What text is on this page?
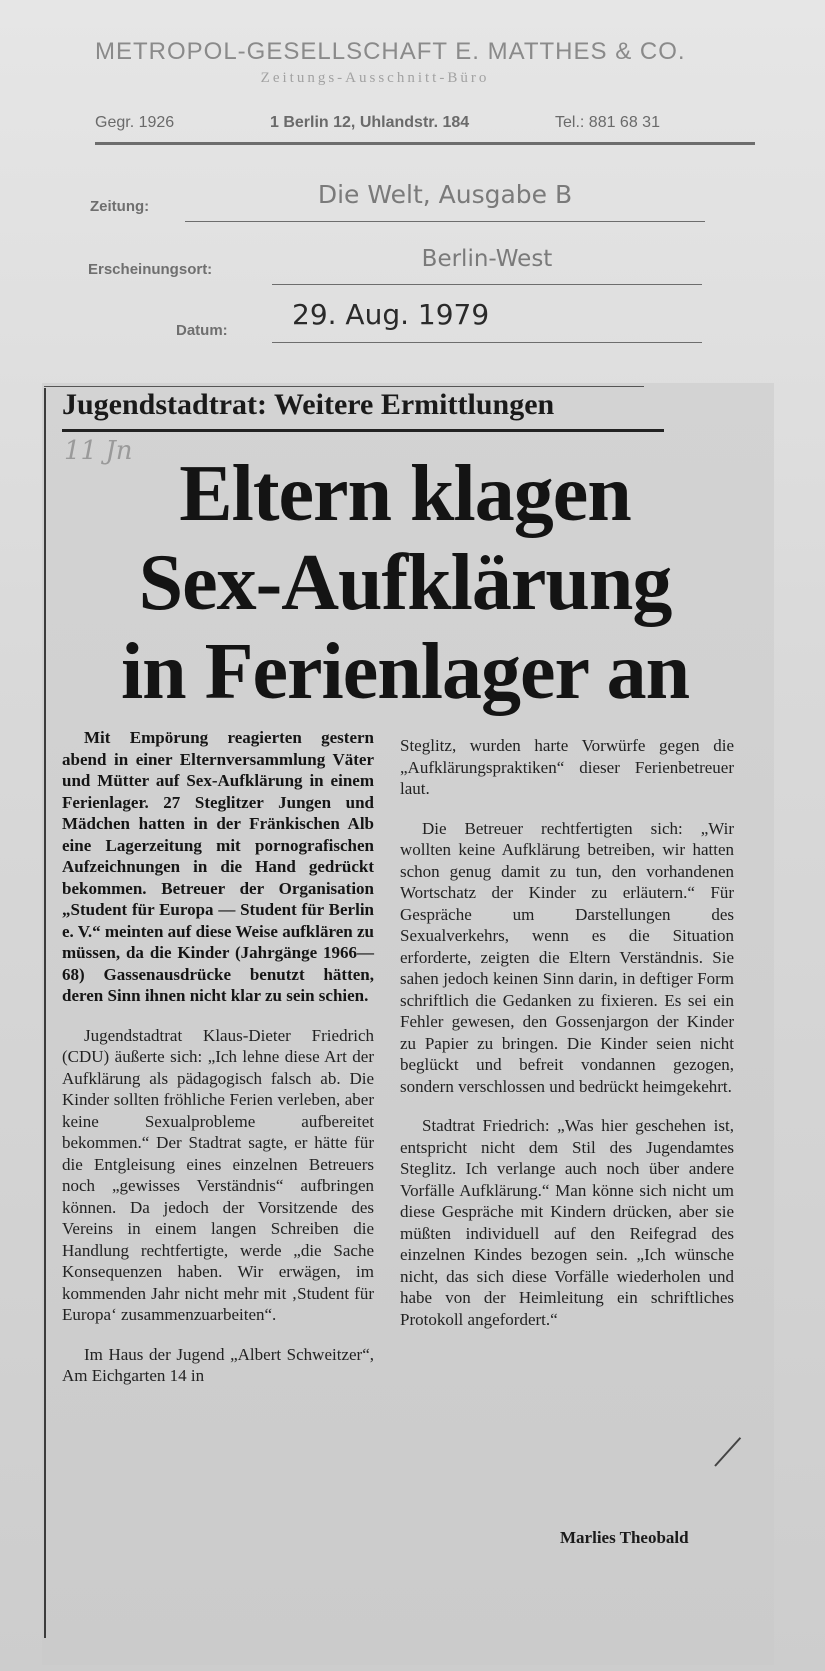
METROPOL-GESELLSCHAFT E. MATTHES & CO.
Zeitungs-Ausschnitt-Büro
Gegr. 1926	1 Berlin 12, Uhlandstr. 184	Tel.: 881 68 31
Zeitung:	Die Welt, Ausgabe B
Erscheinungsort:	Berlin-West
Datum: 29. Aug. 1979
Jugendstadtrat: Weitere Ermittlungen
11 Jn Eltern klagen
Sex-Aufklärung
in Ferienlager an

Mit Empörung reagierten gestern abend in einer Elternversammlung Väter und Mütter auf Sex-Aufklärung in einem Ferienlager. 27 Steglitzer Jungen und Mädchen hatten in der Fränkischen Alb eine Lagerzeitung mit pornografischen Aufzeichnungen in die Hand gedrückt bekommen. Betreuer der Organisation „Student für Europa — Student für Berlin e. V.“ meinten auf diese Weise aufklären zu müssen, da die Kinder (Jahrgänge 1966—68) Gassenausdrücke benutzt hätten, deren Sinn ihnen nicht klar zu sein schien.

Jugendstadtrat Klaus-Dieter Friedrich (CDU) äußerte sich: „Ich lehne diese Art der Aufklärung als pädagogisch falsch ab. Die Kinder sollten fröhliche Ferien verleben, aber keine Sexualprobleme aufbereitet bekommen.“ Der Stadtrat sagte, er hätte für die Entgleisung eines einzelnen Betreuers noch „gewisses Verständnis“ aufbringen können. Da jedoch der Vorsitzende des Vereins in einem langen Schreiben die Handlung rechtfertigte, werde „die Sache Konsequenzen haben. Wir erwägen, im kommenden Jahr nicht mehr mit ‚Student für Europa‘ zusammenzuarbeiten“.

Im Haus der Jugend „Albert Schweitzer“, Am Eichgarten 14 in

Steglitz, wurden harte Vorwürfe gegen die „Aufklärungspraktiken“ dieser Ferienbetreuer laut.

Die Betreuer rechtfertigten sich: „Wir wollten keine Aufklärung betreiben, wir hatten schon genug damit zu tun, den vorhandenen Wortschatz der Kinder zu erläutern.“ Für Gespräche um Darstellungen des Sexualverkehrs, wenn es die Situation erforderte, zeigten die Eltern Verständnis. Sie sahen jedoch keinen Sinn darin, in deftiger Form schriftlich die Gedanken zu fixieren. Es sei ein Fehler gewesen, den Gossenjargon der Kinder zu Papier zu bringen. Die Kinder seien nicht beglückt und befreit vondannen gezogen, sondern verschlossen und bedrückt heimgekehrt.

Stadtrat Friedrich: „Was hier geschehen ist, entspricht nicht dem Stil des Jugendamtes Steglitz. Ich verlange auch noch über andere Vorfälle Aufklärung.“ Man könne sich nicht um diese Gespräche mit Kindern drücken, aber sie müßten individuell auf den Reifegrad des einzelnen Kindes bezogen sein. „Ich wünsche nicht, das sich diese Vorfälle wiederholen und habe von der Heimleitung ein schriftliches Protokoll angefordert.“

Marlies Theobald
